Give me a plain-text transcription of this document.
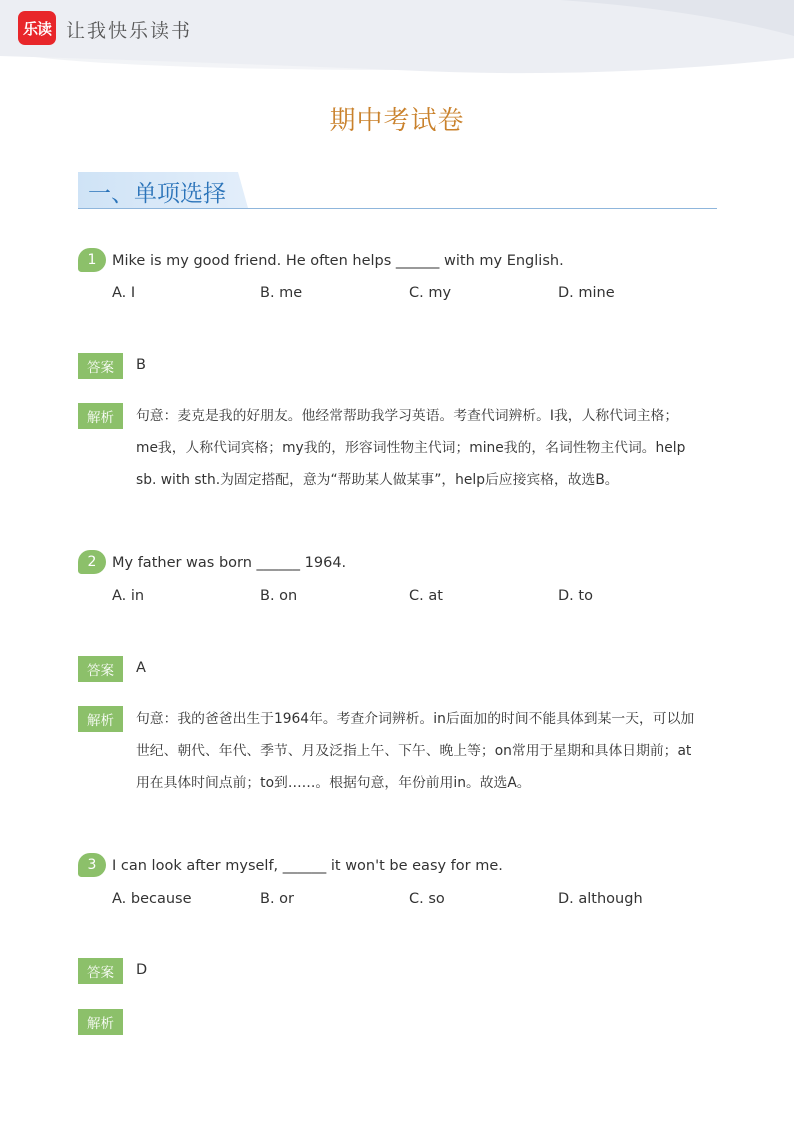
乐读 让我快乐读书
期中考试卷
一、单项选择
1	Mike is my good friend. He often helps ______ with my English.
A. I	B. me	C. my	D. mine
答案	B
解析	句意：麦克是我的好朋友。他经常帮助我学习英语。考查代词辨析。I我，人称代词主格；
me我，人称代词宾格；my我的，形容词性物主代词；mine我的，名词性物主代词。help
sb. with sth.为固定搭配，意为“帮助某人做某事”，help后应接宾格，故选B。
2	My father was born ______ 1964.
A. in	B. on	C. at	D. to
答案	A
解析	句意：我的爸爸出生于1964年。考查介词辨析。in后面加的时间不能具体到某一天，可以加
世纪、朝代、年代、季节、月及泛指上午、下午、晚上等；on常用于星期和具体日期前；at
用在具体时间点前；to到……。根据句意，年份前用in。故选A。
3	I can look after myself, ______ it won't be easy for me.
A. because	B. or	C. so	D. although
答案	D
解析
